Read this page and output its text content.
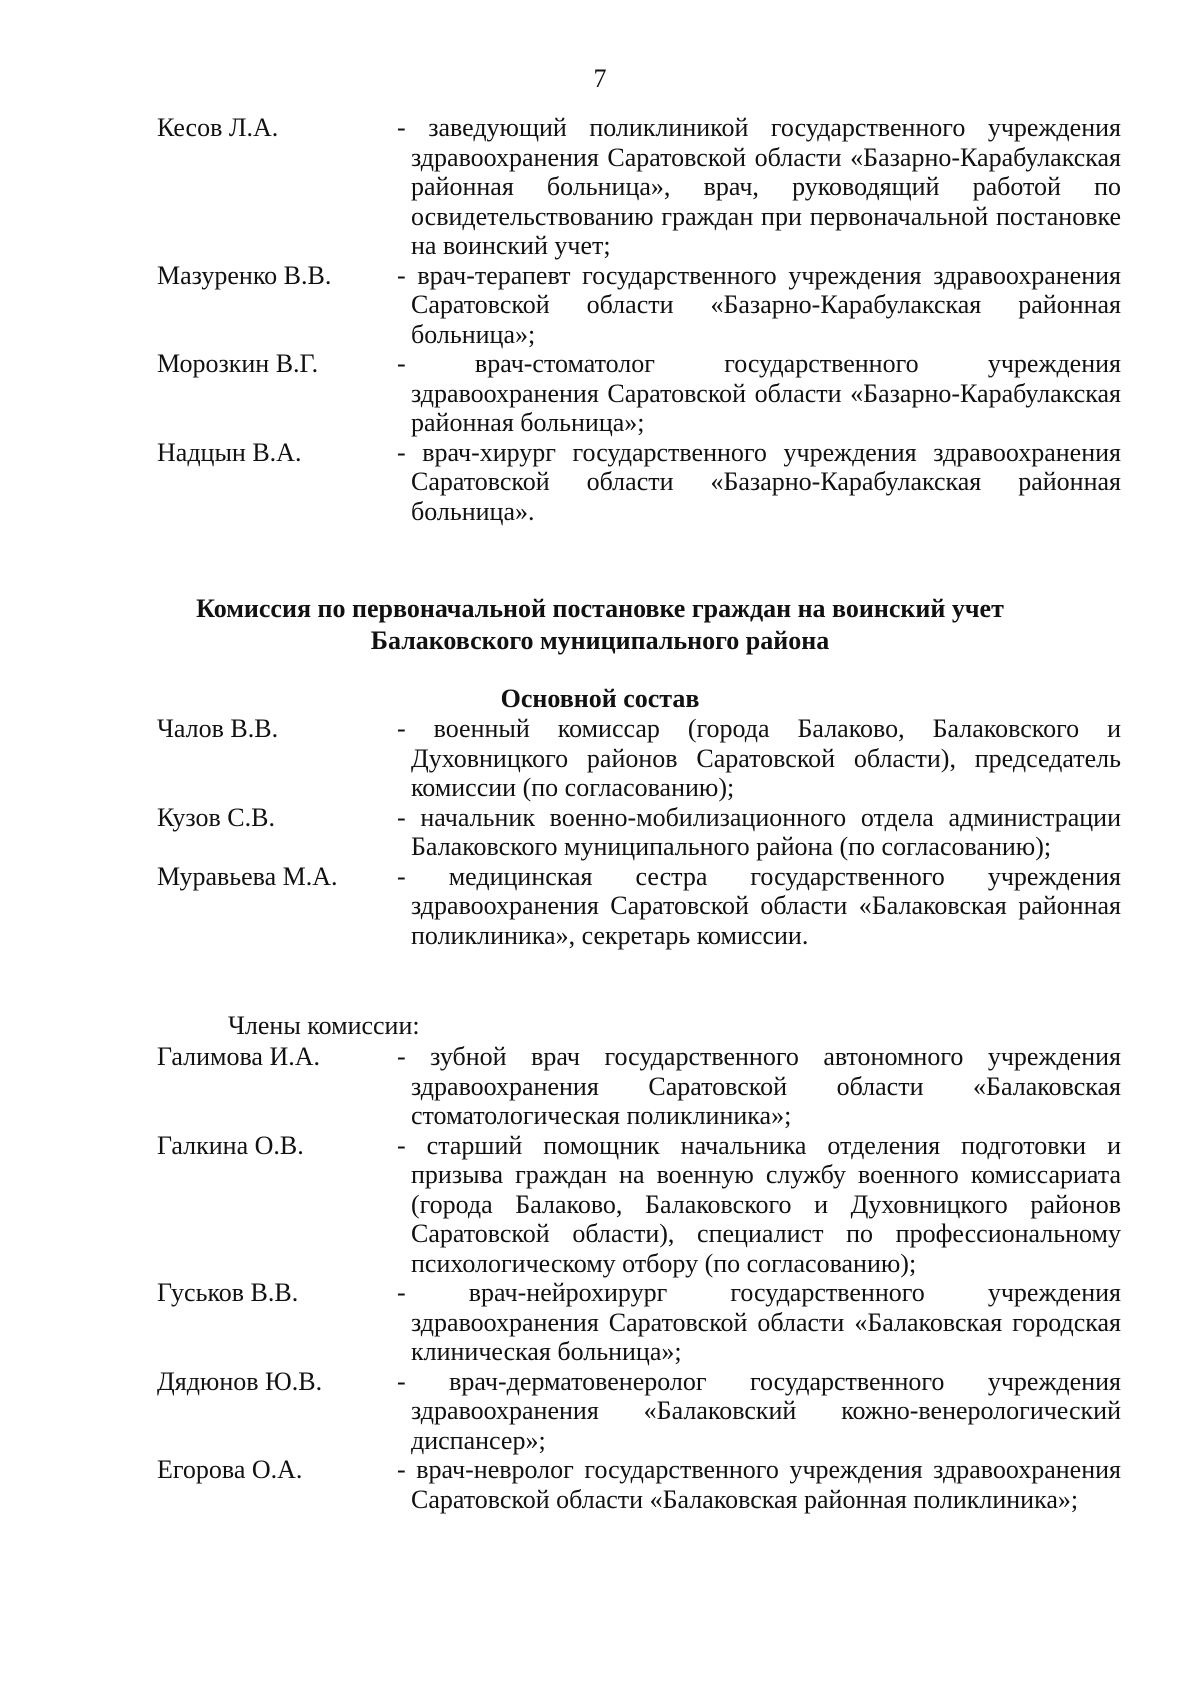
7
Кесов Л.А.	- заведующий поликлиникой государственного учреждения здравоохранения Саратовской области «Базарно-Карабулакская районная больница», врач, руководящий работой по освидетельствованию граждан при первоначальной постановке на воинский учет;
Мазуренко В.В.	- врач-терапевт государственного учреждения здравоохранения Саратовской области «Базарно-Карабулакская районная больница»;
Морозкин В.Г.	- врач-стоматолог государственного учреждения здравоохранения Саратовской области «Базарно-Карабулакская районная больница»;
Надцын В.А.	- врач-хирург государственного учреждения здравоохранения Саратовской области «Базарно-Карабулакская районная больница».
Комиссия по первоначальной постановке граждан на воинский учет
Балаковского муниципального района
Основной состав
Чалов В.В.	- военный комиссар (города Балаково, Балаковского и Духовницкого районов Саратовской области), председатель комиссии (по согласованию);
Кузов С.В.	- начальник военно-мобилизационного отдела администрации Балаковского муниципального района (по согласованию);
Муравьева М.А.	- медицинская сестра государственного учреждения здравоохранения Саратовской области «Балаковская районная поликлиника», секретарь комиссии.
Члены комиссии:
Галимова И.А.	- зубной врач государственного автономного учреждения здравоохранения Саратовской области «Балаковская стоматологическая поликлиника»;
Галкина О.В.	- старший помощник начальника отделения подготовки и призыва граждан на военную службу военного комиссариата (города Балаково, Балаковского и Духовницкого районов Саратовской области), специалист по профессиональному психологическому отбору (по согласованию);
Гуськов В.В.	- врач-нейрохирург государственного учреждения здравоохранения Саратовской области «Балаковская городская клиническая больница»;
Дядюнов Ю.В.	- врач-дерматовенеролог государственного учреждения здравоохранения «Балаковский кожно-венерологический диспансер»;
Егорова О.А.	- врач-невролог государственного учреждения здравоохранения Саратовской области «Балаковская районная поликлиника»;
